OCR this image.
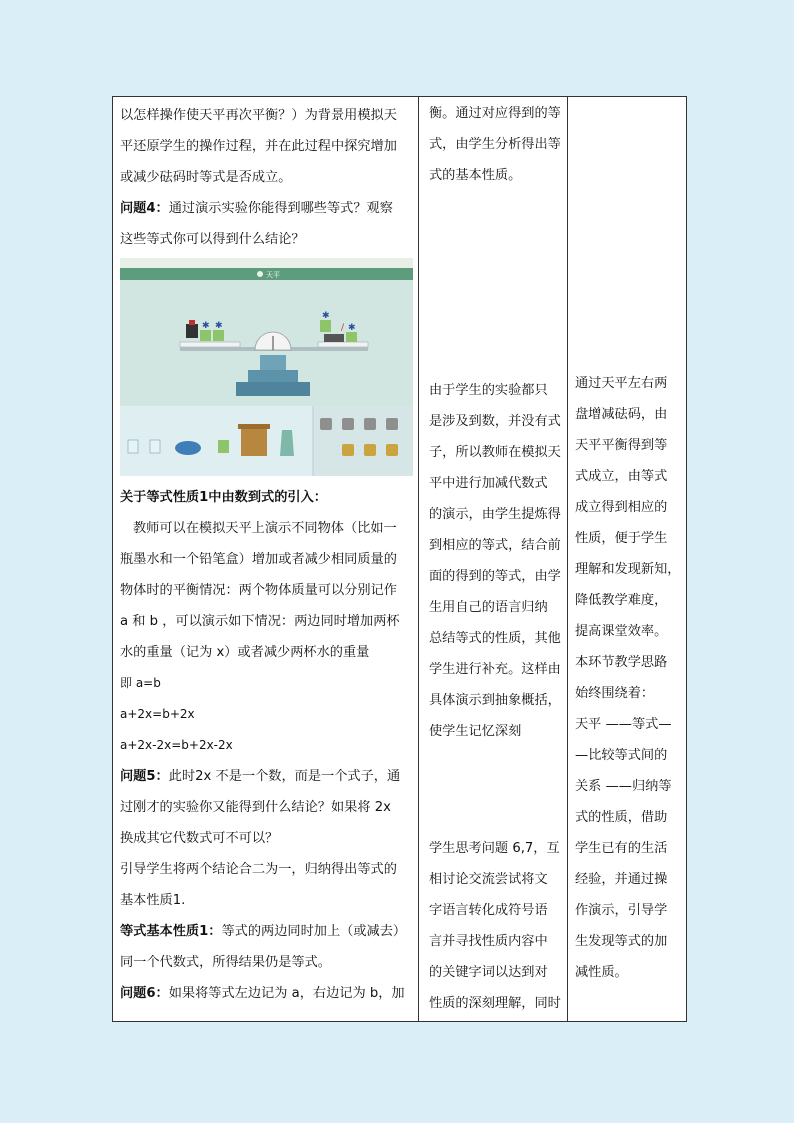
以怎样操作使天平再次平衡？）为背景用模拟天
平还原学生的操作过程，并在此过程中探究增加
或减少砝码时等式是否成立。
问题4：通过演示实验你能得到哪些等式？观察
这些等式你可以得到什么结论？
天平
✱ ✱
✱
/ ✱
关于等式性质1中由数到式的引入：
教师可以在模拟天平上演示不同物体（比如一
瓶墨水和一个铅笔盒）增加或者减少相同质量的
物体时的平衡情况：两个物体质量可以分别记作
a 和 b ，可以演示如下情况：两边同时增加两杯
水的重量（记为 x）或者减少两杯水的重量
即 a=b
a+2x=b+2x
a+2x-2x=b+2x-2x
问题5：此时2x 不是一个数，而是一个式子，通
过刚才的实验你又能得到什么结论？如果将 2x
换成其它代数式可不可以？
引导学生将两个结论合二为一，归纳得出等式的
基本性质1.
等式基本性质1：等式的两边同时加上（或减去）
同一个代数式，所得结果仍是等式。
问题6：如果将等式左边记为 a，右边记为 b，加

衡。通过对应得到的等
式，由学生分析得出等
式的基本性质。
由于学生的实验都只
是涉及到数，并没有式
子，所以教师在模拟天
平中进行加减代数式
的演示，由学生提炼得
到相应的等式，结合前
面的得到的等式，由学
生用自己的语言归纳
总结等式的性质，其他
学生进行补充。这样由
具体演示到抽象概括，
使学生记忆深刻
学生思考问题 6,7，互
相讨论交流尝试将文
字语言转化成符号语
言并寻找性质内容中
的关键字词以达到对
性质的深刻理解，同时

通过天平左右两
盘增减砝码，由
天平平衡得到等
式成立，由等式
成立得到相应的
性质，便于学生
理解和发现新知，
降低教学难度，
提高课堂效率。
本环节教学思路
始终围绕着：
天平 ——等式—
—比较等式间的
关系 ——归纳等
式的性质，借助
学生已有的生活
经验，并通过操
作演示，引导学
生发现等式的加
减性质。
